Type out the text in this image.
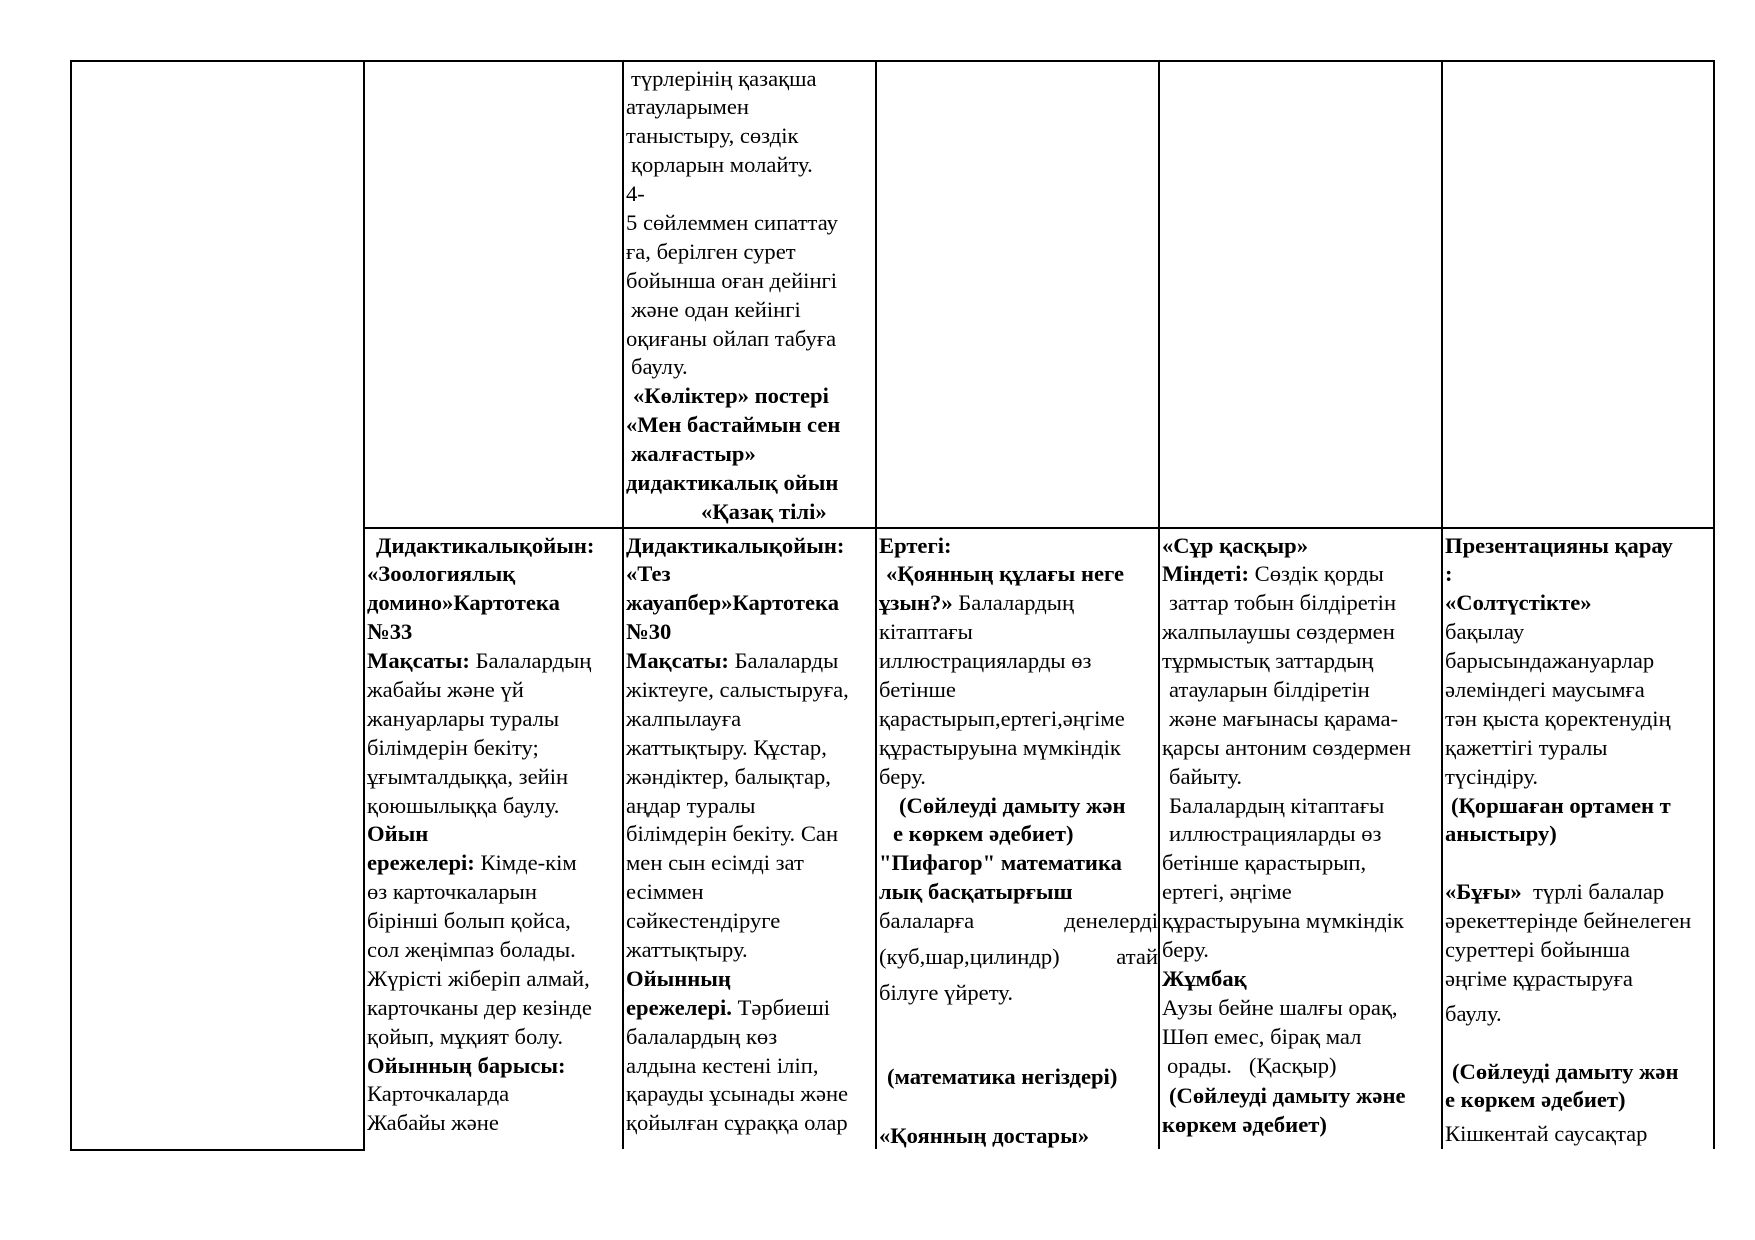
түрлерінің қазақша
атауларымен
таныстыру, сөздік
қорларын молайту.
4-
5 сөйлеммен сипаттау
ға, берілген сурет
бойынша оған дейінгі
және одан кейінгі
оқиғаны ойлап табуға
баулу.
«Көліктер» постері
«Мен бастаймын сен
жалғастыр»
дидактикалық ойын
«Қазақ тілі»
Дидактикалықойын:
«Зоологиялық
домино»Картотека
№33
Мақсаты: Балалардың
жабайы және үй
жануарлары туралы
білімдерін бекіту;
ұғымталдыққа, зейін
қоюшылыққа баулу.
Ойын
ережелері: Кімде-кім
өз карточкаларын
бірінші болып қойса,
сол жеңімпаз болады.
Жүрісті жіберіп алмай,
карточканы дер кезінде
қойып, мұқият болу.
Ойынның барысы:
Карточкаларда
Жабайы және
Дидактикалықойын:
«Тез
жауапбер»Картотека
№30
Мақсаты: Балаларды
жіктеуге, салыстыруға,
жалпылауға
жаттықтыру. Құстар,
жәндіктер, балықтар,
аңдар туралы
білімдерін бекіту. Сан
мен сын есімді зат
есіммен
сәйкестендіруге
жаттықтыру.
Ойынның
ережелері. Тәрбиеші
балалардың көз
алдына кестені іліп,
қарауды ұсынады және
қойылған сұраққа олар
Ертегі:
«Қоянның құлағы неге
ұзын?» Балалардың
кітаптағы
иллюстрацияларды өз
бетінше
қарастырып,ертегі,әңгіме
құрастыруына мүмкіндік
беру.
(Сөйлеуді дамыту жән
е көркем әдебиет)
"Пифагор" математика
лық басқатырғыш
балаларға	денелерді
(куб,шар,цилиндр)	атай
білуге үйрету.
(математика негіздері)
«Қоянның достары»
«Сұр қасқыр»
Міндеті: Сөздік қорды
заттар тобын білдіретін
жалпылаушы сөздермен
тұрмыстық заттардың
атауларын білдіретін
және мағынасы қарама-
қарсы антоним сөздермен
байыту.
Балалардың кітаптағы
иллюстрацияларды өз
бетінше қарастырып,
ертегі, әңгіме
құрастыруына мүмкіндік
беру.
Жұмбақ
Аузы бейне шалғы орақ,
Шөп емес, бірақ мал
орады.   (Қасқыр)
(Сөйлеуді дамыту және
көркем әдебиет)
Презентацияны қарау
:
«Солтүстікте»
бақылау
барысындажануарлар
әлеміндегі маусымға
тән қыста қоректенудің
қажеттігі туралы
түсіндіру.
(Қоршаған ортамен т
аныстыру)
«Бұғы»  түрлі балалар
әрекеттерінде бейнелеген
суреттері бойынша
әңгіме құрастыруға
баулу.
(Сөйлеуді дамыту жән
е көркем әдебиет)
Кішкентай саусақтар
